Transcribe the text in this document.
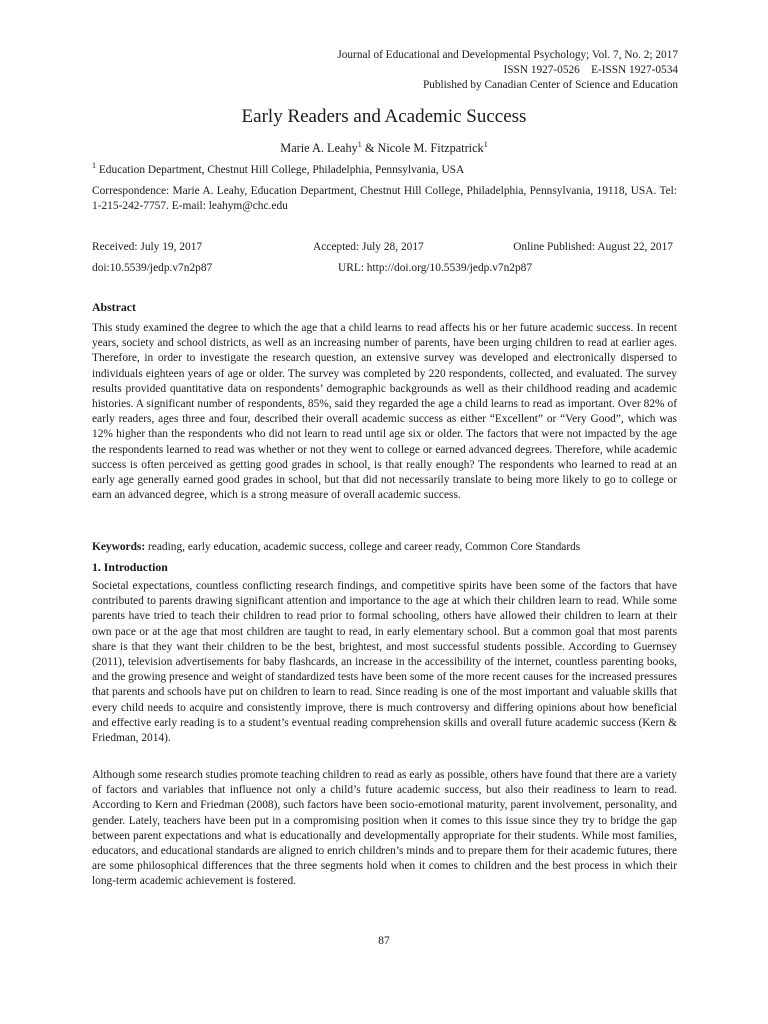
Journal of Educational and Developmental Psychology; Vol. 7, No. 2; 2017
ISSN 1927-0526    E-ISSN 1927-0534
Published by Canadian Center of Science and Education
Early Readers and Academic Success
Marie A. Leahy$^1$ & Nicole M. Fitzpatrick$^1$
$^1$ Education Department, Chestnut Hill College, Philadelphia, Pennsylvania, USA
Correspondence: Marie A. Leahy, Education Department, Chestnut Hill College, Philadelphia, Pennsylvania, 19118, USA. Tel: 1-215-242-7757. E-mail: leahym@chc.edu
Received: July 19, 2017	Accepted: July 28, 2017	Online Published: August 22, 2017
doi:10.5539/jedp.v7n2p87	URL: http://doi.org/10.5539/jedp.v7n2p87
Abstract
This study examined the degree to which the age that a child learns to read affects his or her future academic success. In recent years, society and school districts, as well as an increasing number of parents, have been urging children to read at earlier ages. Therefore, in order to investigate the research question, an extensive survey was developed and electronically dispersed to individuals eighteen years of age or older. The survey was completed by 220 respondents, collected, and evaluated. The survey results provided quantitative data on respondents’ demographic backgrounds as well as their childhood reading and academic histories. A significant number of respondents, 85%, said they regarded the age a child learns to read as important. Over 82% of early readers, ages three and four, described their overall academic success as either “Excellent” or “Very Good”, which was 12% higher than the respondents who did not learn to read until age six or older. The factors that were not impacted by the age the respondents learned to read was whether or not they went to college or earned advanced degrees. Therefore, while academic success is often perceived as getting good grades in school, is that really enough? The respondents who learned to read at an early age generally earned good grades in school, but that did not necessarily translate to being more likely to go to college or earn an advanced degree, which is a strong measure of overall academic success.
Keywords: reading, early education, academic success, college and career ready, Common Core Standards
1. Introduction
Societal expectations, countless conflicting research findings, and competitive spirits have been some of the factors that have contributed to parents drawing significant attention and importance to the age at which their children learn to read. While some parents have tried to teach their children to read prior to formal schooling, others have allowed their children to learn at their own pace or at the age that most children are taught to read, in early elementary school. But a common goal that most parents share is that they want their children to be the best, brightest, and most successful students possible. According to Guernsey (2011), television advertisements for baby flashcards, an increase in the accessibility of the internet, countless parenting books, and the growing presence and weight of standardized tests have been some of the more recent causes for the increased pressures that parents and schools have put on children to learn to read. Since reading is one of the most important and valuable skills that every child needs to acquire and consistently improve, there is much controversy and differing opinions about how beneficial and effective early reading is to a student’s eventual reading comprehension skills and overall future academic success (Kern & Friedman, 2014).
Although some research studies promote teaching children to read as early as possible, others have found that there are a variety of factors and variables that influence not only a child’s future academic success, but also their readiness to learn to read. According to Kern and Friedman (2008), such factors have been socio-emotional maturity, parent involvement, personality, and gender. Lately, teachers have been put in a compromising position when it comes to this issue since they try to bridge the gap between parent expectations and what is educationally and developmentally appropriate for their students. While most families, educators, and educational standards are aligned to enrich children’s minds and to prepare them for their academic futures, there are some philosophical differences that the three segments hold when it comes to children and the best process in which their long-term academic achievement is fostered.
87
